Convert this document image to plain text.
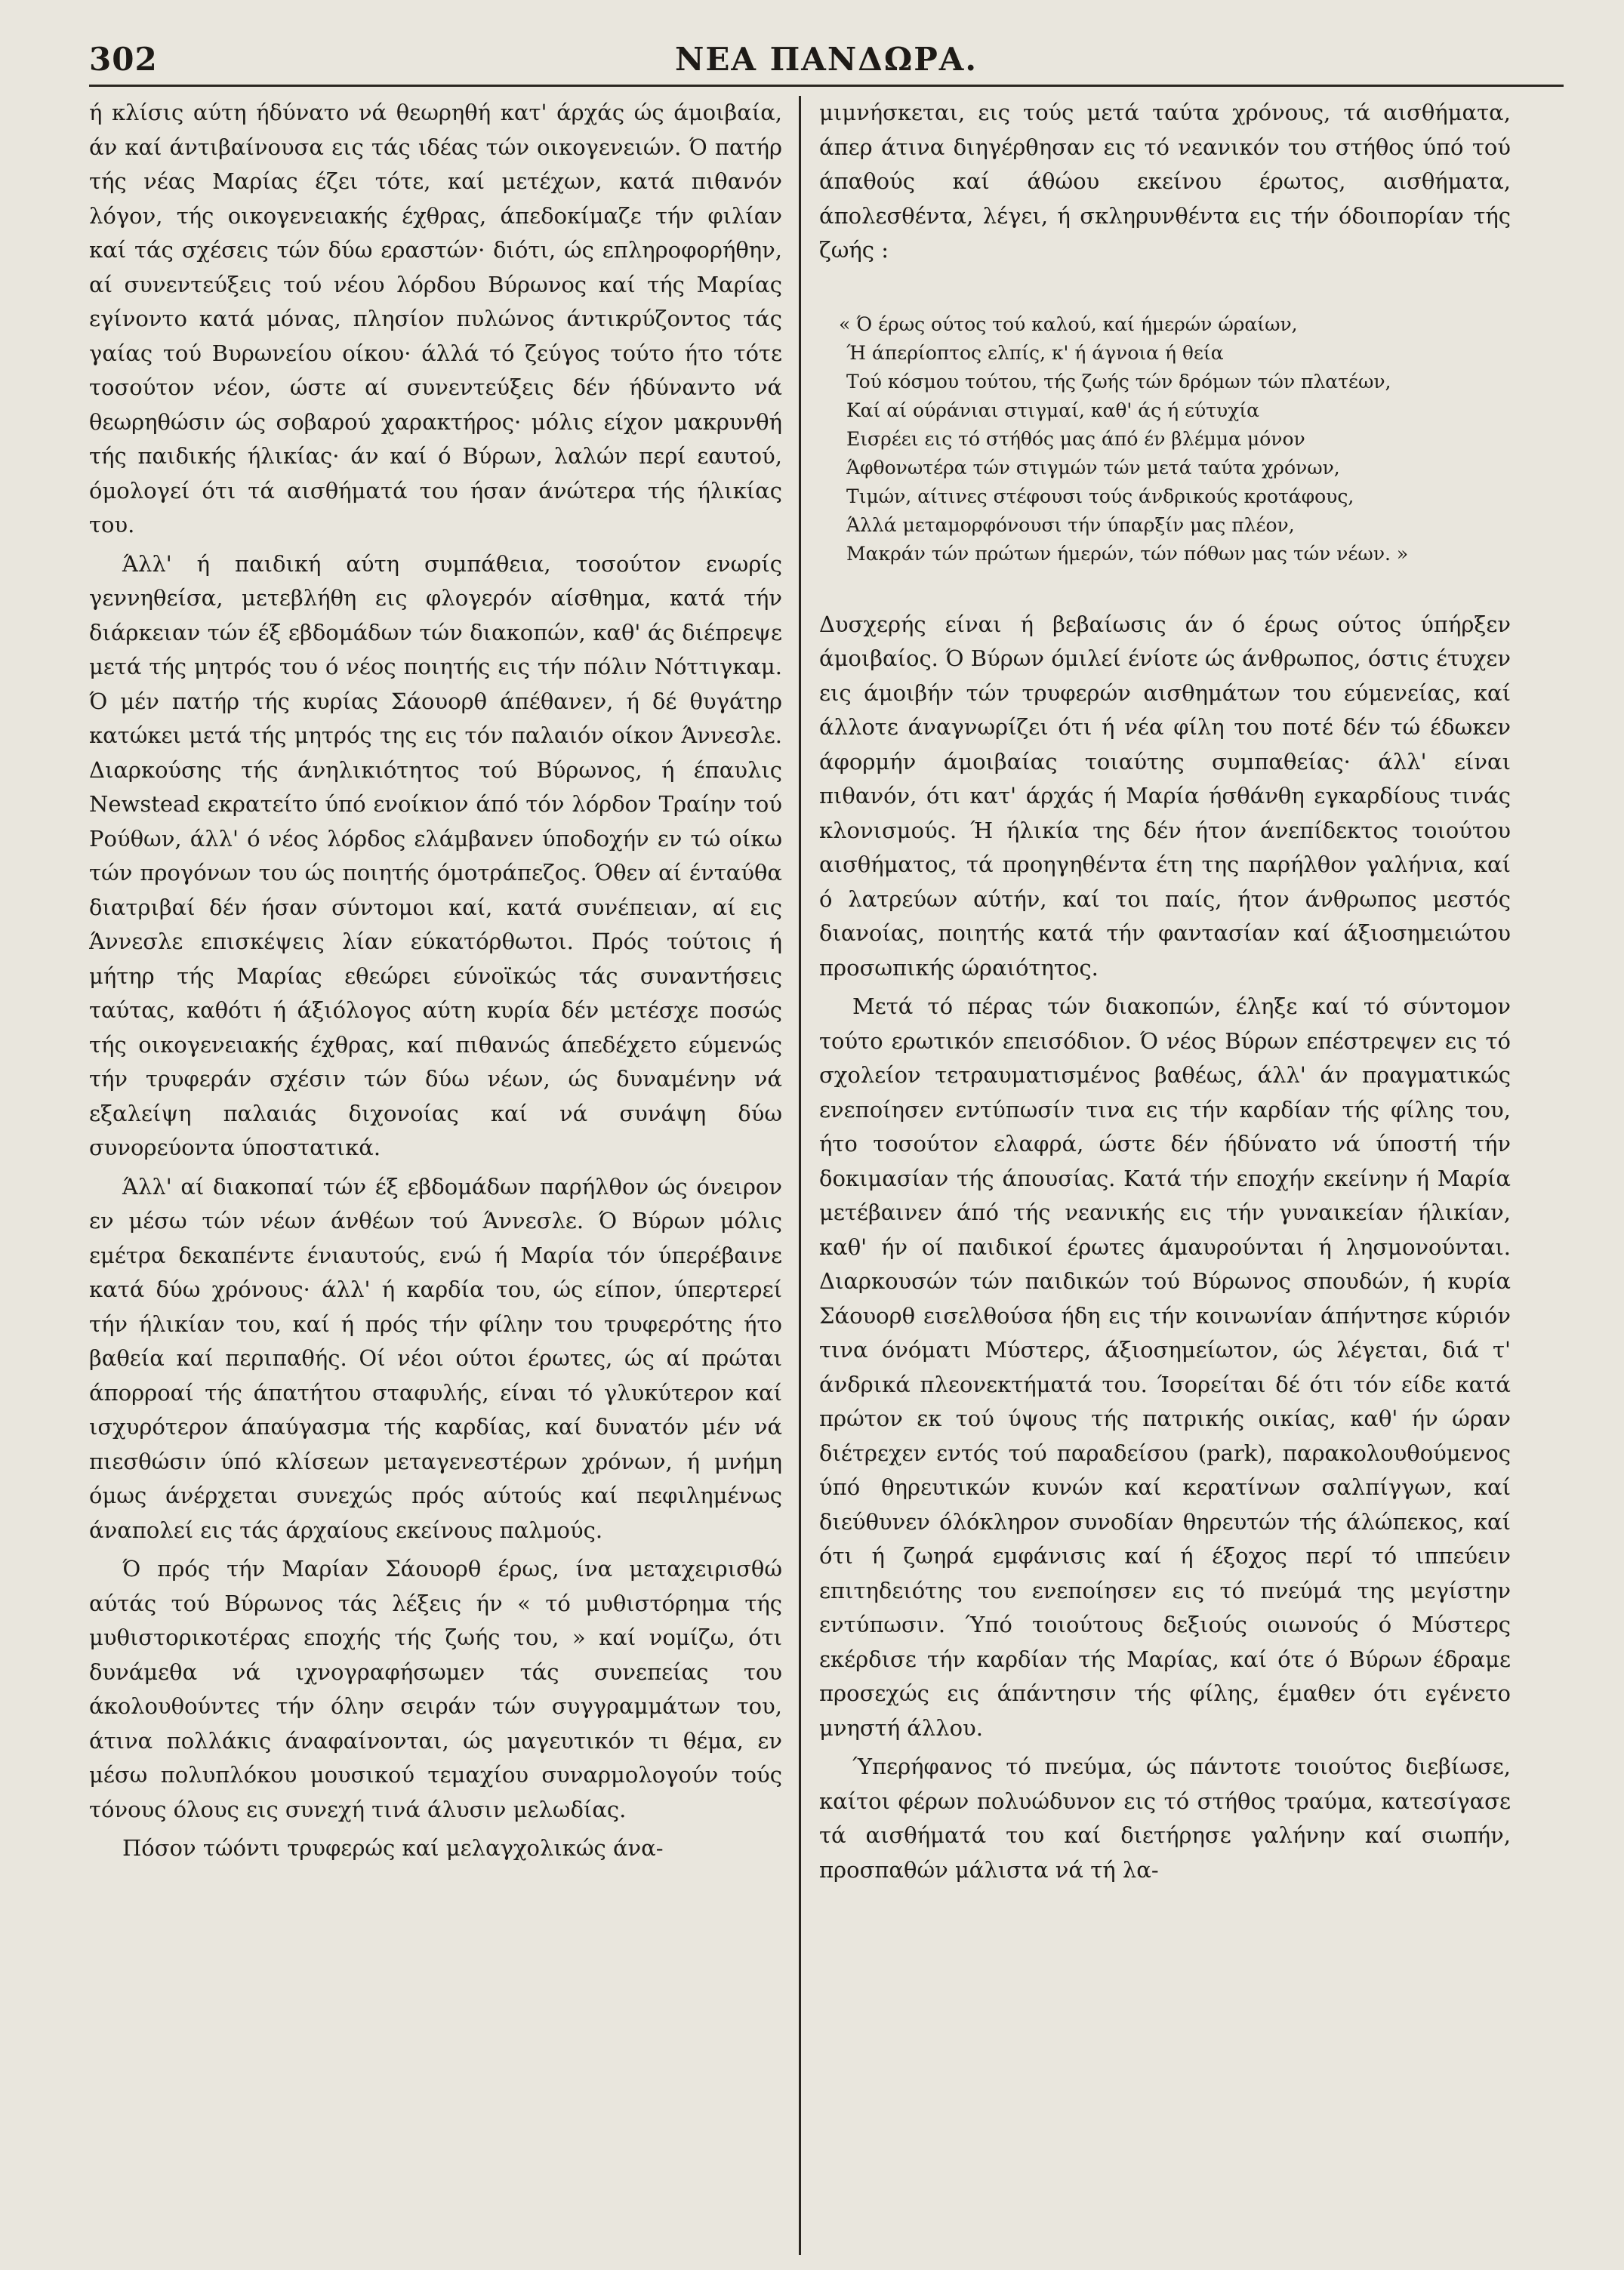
302	ΝΕΑ ΠΑΝΔΩΡΑ.

ή κλίσις αύτη ήδύνατο νά θεωρηθή κατ' άρχάς ώς άμοιβαία, άν καί άντιβαίνουσα εις τάς ιδέας τών οικογενειών. Ό πατήρ τής νέας Μαρίας έζει τότε, καί μετέχων, κατά πιθανόν λόγον, τής οικογενειακής έχθρας, άπεδοκίμαζε τήν φιλίαν καί τάς σχέσεις τών δύω εραστών· διότι, ώς επληροφορήθην, αί συνεντεύξεις τού νέου λόρδου Βύρωνος καί τής Μαρίας εγίνοντο κατά μόνας, πλησίον πυλώνος άντικρύζοντος τάς γαίας τού Βυρωνείου οίκου· άλλά τό ζεύγος τούτο ήτο τότε τοσούτον νέον, ώστε αί συνεντεύξεις δέν ήδύναντο νά θεωρηθώσιν ώς σοβαρού χαρακτήρος· μόλις είχον μακρυνθή τής παιδικής ήλικίας· άν καί ό Βύρων, λαλών περί εαυτού, όμολογεί ότι τά αισθήματά του ήσαν άνώτερα τής ήλικίας του.

Άλλ' ή παιδική αύτη συμπάθεια, τοσούτον ενωρίς γεννηθείσα, μετεβλήθη εις φλογερόν αίσθημα, κατά τήν διάρκειαν τών έξ εβδομάδων τών διακοπών, καθ' άς διέπρεψε μετά τής μητρός του ό νέος ποιητής εις τήν πόλιν Νόττιγκαμ. Ό μέν πατήρ τής κυρίας Σάουορθ άπέθανεν, ή δέ θυγάτηρ κατώκει μετά τής μητρός της εις τόν παλαιόν οίκον Άννεσλε. Διαρκούσης τής άνηλικιότητος τού Βύρωνος, ή έπαυλις Newstead εκρατείτο ύπό ενοίκιον άπό τόν λόρδον Τραίην τού Ρούθων, άλλ' ό νέος λόρδος ελάμβανεν ύποδοχήν εν τώ οίκω τών προγόνων του ώς ποιητής όμοτράπεζος. Όθεν αί ένταύθα διατριβαί δέν ήσαν σύντομοι καί, κατά συνέπειαν, αί εις Άννεσλε επισκέψεις λίαν εύκατόρθωτοι. Πρός τούτοις ή μήτηρ τής Μαρίας εθεώρει εύνοϊκώς τάς συναντήσεις ταύτας, καθότι ή άξιόλογος αύτη κυρία δέν μετέσχε ποσώς τής οικογενειακής έχθρας, καί πιθανώς άπεδέχετο εύμενώς τήν τρυφεράν σχέσιν τών δύω νέων, ώς δυναμένην νά εξαλείψη παλαιάς διχονοίας καί νά συνάψη δύω συνορεύοντα ύποστατικά.

Άλλ' αί διακοπαί τών έξ εβδομάδων παρήλθον ώς όνειρον εν μέσω τών νέων άνθέων τού Άννεσλε. Ό Βύρων μόλις εμέτρα δεκαπέντε ένιαυτούς, ενώ ή Μαρία τόν ύπερέβαινε κατά δύω χρόνους· άλλ' ή καρδία του, ώς είπον, ύπερτερεί τήν ήλικίαν του, καί ή πρός τήν φίλην του τρυφερότης ήτο βαθεία καί περιπαθής. Οί νέοι ούτοι έρωτες, ώς αί πρώται άπορροαί τής άπατήτου σταφυλής, είναι τό γλυκύτερον καί ισχυρότερον άπαύγασμα τής καρδίας, καί δυνατόν μέν νά πιεσθώσιν ύπό κλίσεων μεταγενεστέρων χρόνων, ή μνήμη όμως άνέρχεται συνεχώς πρός αύτούς καί πεφιλημένως άναπολεί εις τάς άρχαίους εκείνους παλμούς.

Ό πρός τήν Μαρίαν Σάουορθ έρως, ίνα μεταχειρισθώ αύτάς τού Βύρωνος τάς λέξεις ήν « τό μυθιστόρημα τής μυθιστορικοτέρας εποχής τής ζωής του, » καί νομίζω, ότι δυνάμεθα νά ιχνογραφήσωμεν τάς συνεπείας του άκολουθούντες τήν όλην σειράν τών συγγραμμάτων του, άτινα πολλάκις άναφαίνονται, ώς μαγευτικόν τι θέμα, εν μέσω πολυπλόκου μουσικού τεμαχίου συναρμολογούν τούς τόνους όλους εις συνεχή τινά άλυσιν μελωδίας.

Πόσον τώόντι τρυφερώς καί μελαγχολικώς άνα-

μιμνήσκεται, εις τούς μετά ταύτα χρόνους, τά αισθήματα, άπερ άτινα διηγέρθησαν εις τό νεανικόν του στήθος ύπό τού άπαθούς καί άθώου εκείνου έρωτος, αισθήματα, άπολεσθέντα, λέγει, ή σκληρυνθέντα εις τήν όδοιπορίαν τής ζωής :

« Ό έρως ούτος τού καλού, καί ήμερών ώραίων,
Ή άπερίοπτος ελπίς, κ' ή άγνοια ή θεία
Τού κόσμου τούτου, τής ζωής τών δρόμων τών πλατέων,
Καί αί ούράνιαι στιγμαί, καθ' άς ή εύτυχία
Εισρέει εις τό στήθός μας άπό έν βλέμμα μόνον
Άφθονωτέρα τών στιγμών τών μετά ταύτα χρόνων,
Τιμών, αίτινες στέφουσι τούς άνδρικούς κροτάφους,
Άλλά μεταμορφόνουσι τήν ύπαρξίν μας πλέον,
Μακράν τών πρώτων ήμερών, τών πόθων μας τών νέων. »

Δυσχερής είναι ή βεβαίωσις άν ό έρως ούτος ύπήρξεν άμοιβαίος. Ό Βύρων όμιλεί ένίοτε ώς άνθρωπος, όστις έτυχεν εις άμοιβήν τών τρυφερών αισθημάτων του εύμενείας, καί άλλοτε άναγνωρίζει ότι ή νέα φίλη του ποτέ δέν τώ έδωκεν άφορμήν άμοιβαίας τοιαύτης συμπαθείας· άλλ' είναι πιθανόν, ότι κατ' άρχάς ή Μαρία ήσθάνθη εγκαρδίους τινάς κλονισμούς. Ή ήλικία της δέν ήτον άνεπίδεκτος τοιούτου αισθήματος, τά προηγηθέντα έτη της παρήλθον γαλήνια, καί ό λατρεύων αύτήν, καί τοι παίς, ήτον άνθρωπος μεστός διανοίας, ποιητής κατά τήν φαντασίαν καί άξιοσημειώτου προσωπικής ώραιότητος.

Μετά τό πέρας τών διακοπών, έληξε καί τό σύντομον τούτο ερωτικόν επεισόδιον. Ό νέος Βύρων επέστρεψεν εις τό σχολείον τετραυματισμένος βαθέως, άλλ' άν πραγματικώς ενεποίησεν εντύπωσίν τινα εις τήν καρδίαν τής φίλης του, ήτο τοσούτον ελαφρά, ώστε δέν ήδύνατο νά ύποστή τήν δοκιμασίαν τής άπουσίας. Κατά τήν εποχήν εκείνην ή Μαρία μετέβαινεν άπό τής νεανικής εις τήν γυναικείαν ήλικίαν, καθ' ήν οί παιδικοί έρωτες άμαυρούνται ή λησμονούνται. Διαρκουσών τών παιδικών τού Βύρωνος σπουδών, ή κυρία Σάουορθ εισελθούσα ήδη εις τήν κοινωνίαν άπήντησε κύριόν τινα όνόματι Μύστερς, άξιοσημείωτον, ώς λέγεται, διά τ' άνδρικά πλεονεκτήματά του. Ίσορείται δέ ότι τόν είδε κατά πρώτον εκ τού ύψους τής πατρικής οικίας, καθ' ήν ώραν διέτρεχεν εντός τού παραδείσου (park), παρακολουθούμενος ύπό θηρευτικών κυνών καί κερατίνων σαλπίγγων, καί διεύθυνεν όλόκληρον συνοδίαν θηρευτών τής άλώπεκος, καί ότι ή ζωηρά εμφάνισις καί ή έξοχος περί τό ιππεύειν επιτηδειότης του ενεποίησεν εις τό πνεύμά της μεγίστην εντύπωσιν. Ύπό τοιούτους δεξιούς οιωνούς ό Μύστερς εκέρδισε τήν καρδίαν τής Μαρίας, καί ότε ό Βύρων έδραμε προσεχώς εις άπάντησιν τής φίλης, έμαθεν ότι εγένετο μνηστή άλλου.

Ύπερήφανος τό πνεύμα, ώς πάντοτε τοιούτος διεβίωσε, καίτοι φέρων πολυώδυνον εις τό στήθος τραύμα, κατεσίγασε τά αισθήματά του καί διετήρησε γαλήνην καί σιωπήν, προσπαθών μάλιστα νά τή λα-
